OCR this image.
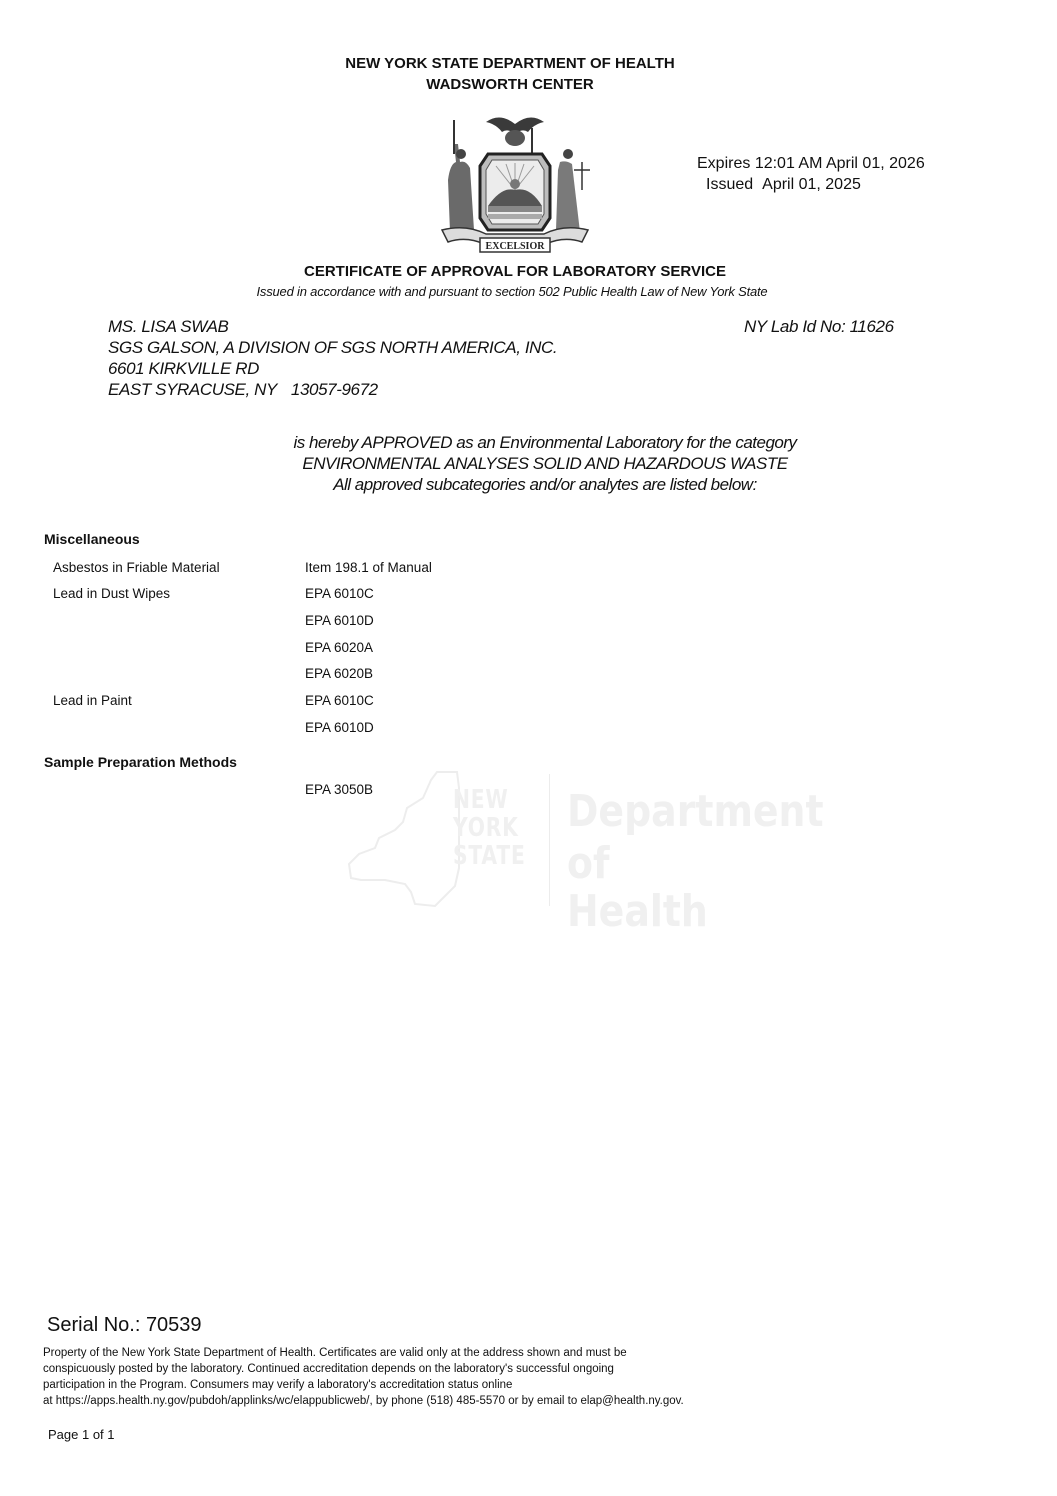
NEW YORK STATE DEPARTMENT OF HEALTH
WADSWORTH CENTER
EXCELSIOR
Expires 12:01 AM April 01, 2026
Issued April 01, 2025
CERTIFICATE OF APPROVAL FOR LABORATORY SERVICE
Issued in accordance with and pursuant to section 502 Public Health Law of New York State
MS. LISA SWAB
SGS GALSON, A DIVISION OF SGS NORTH AMERICA, INC.
6601 KIRKVILLE RD
EAST SYRACUSE, NY 13057-9672
NY Lab Id No: 11626
is hereby APPROVED as an Environmental Laboratory for the category
ENVIRONMENTAL ANALYSES SOLID AND HAZARDOUS WASTE
All approved subcategories and/or analytes are listed below:
NEW
YORK
STATE
Department
of Health
Miscellaneous
Asbestos in Friable Material	Item 198.1 of Manual
Lead in Dust Wipes	EPA 6010C
EPA 6010D
EPA 6020A
EPA 6020B
Lead in Paint	EPA 6010C
EPA 6010D
Sample Preparation Methods
EPA 3050B
Serial No.: 70539
Property of the New York State Department of Health. Certificates are valid only at the address shown and must be
conspicuously posted by the laboratory. Continued accreditation depends on the laboratory's successful ongoing
participation in the Program. Consumers may verify a laboratory's accreditation status online
at https://apps.health.ny.gov/pubdoh/applinks/wc/elappublicweb/, by phone (518) 485-5570 or by email to elap@health.ny.gov.
Page 1 of 1
